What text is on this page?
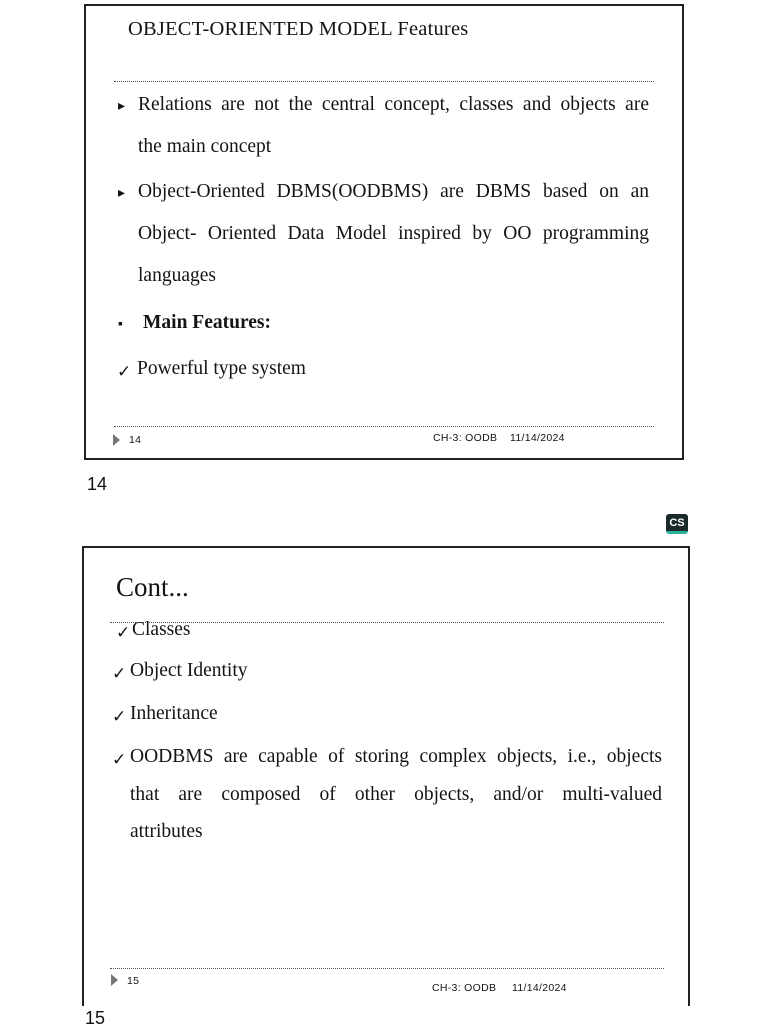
OBJECT-ORIENTED MODEL Features
▸ Relations are not the central concept, classes and objects are
the main concept
▸ Object-Oriented DBMS(OODBMS) are DBMS based on an
Object- Oriented Data Model inspired by OO programming
languages
▪ Main Features:
✓ Powerful type system
14	CH-3: OODB 11/14/2024
14
CS
Cont...
✓ Classes
✓ Object Identity
✓ Inheritance
✓ OODBMS are capable of storing complex objects, i.e., objects
that are composed of other objects, and/or multi-valued
attributes
15
CH-3: OODB 11/14/2024
15
